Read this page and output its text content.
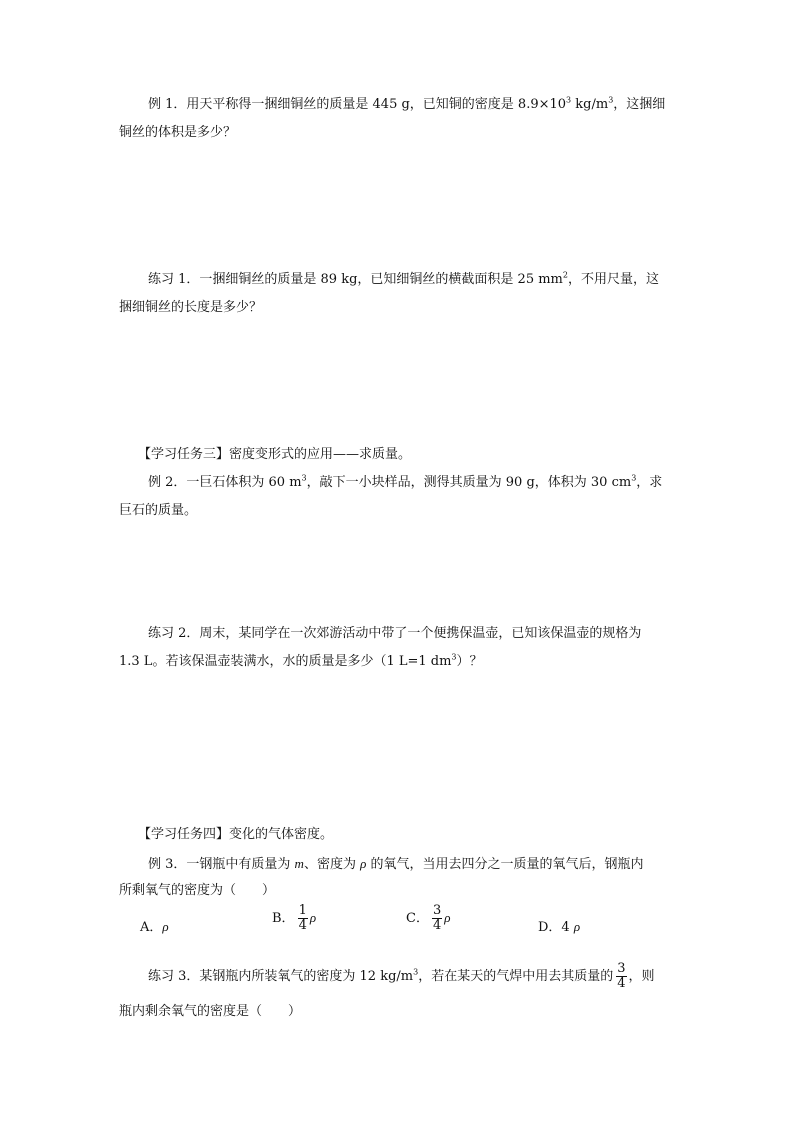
例 1．用天平称得一捆细铜丝的质量是 445 g，已知铜的密度是 $8.9\times 10^3$ $kg/m^3$，这捆细
铜丝的体积是多少？
练习 1．一捆细铜丝的质量是 89 kg，已知细铜丝的横截面积是 25 $mm^2$，不用尺量，这
捆细铜丝的长度是多少？
【学习任务三】密度变形式的应用——求质量。
例 2．一巨石体积为 60 $m^3$，敲下一小块样品，测得其质量为 90 g，体积为 30 $cm^3$，求
巨石的质量。
练习 2．周末，某同学在一次郊游活动中带了一个便携保温壶，已知该保温壶的规格为
1.3 L。若该保温壶装满水，水的质量是多少（1 L=1 $dm^3$）？
【学习任务四】变化的气体密度。
例 3．一钢瓶中有质量为 m、密度为 ρ 的氧气，当用去四分之一质量的氧气后，钢瓶内
所剩氧气的密度为（　　）
A．ρ
B． $\frac{1}{4}$ ρ	C． $\frac{3}{4}$ ρ
D．4 ρ
练习 3．某钢瓶内所装氧气的密度为 12 $kg/m^3$，若在某天的气焊中用去其质量的 $\frac{3}{4}$ ，则
瓶内剩余氧气的密度是（　　）
